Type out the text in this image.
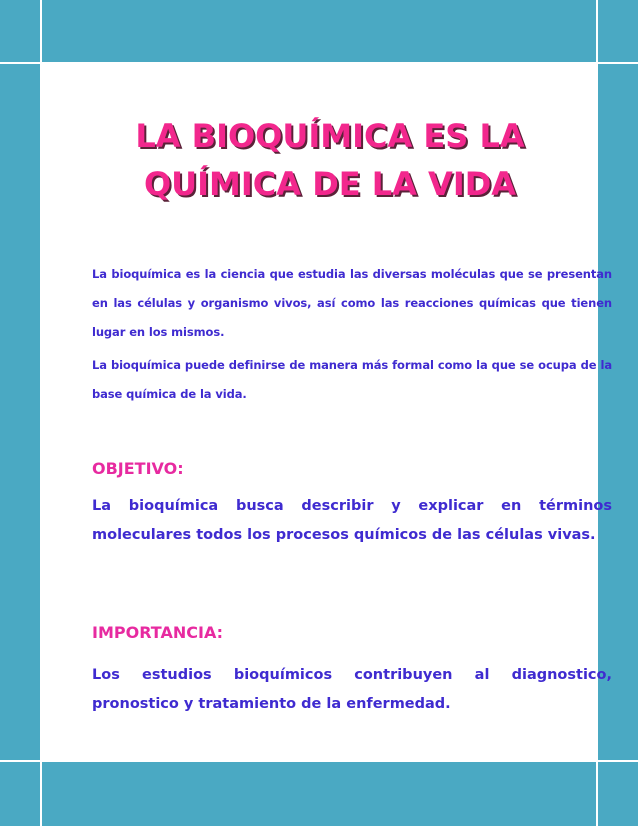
LA BIOQUÍMICA ES LA
QUÍMICA DE LA VIDA

La bioquímica es la ciencia que estudia las diversas moléculas que se presentan en las células y organismo vivos, así como las reacciones químicas que tienen lugar en los mismos.

La bioquímica puede definirse de manera más formal como la que se ocupa de la base química de la vida.

OBJETIVO:

La bioquímica busca describir y explicar en términos moleculares todos los procesos químicos de las células vivas.

IMPORTANCIA:

Los estudios bioquímicos contribuyen al diagnostico, pronostico y tratamiento de la enfermedad.
